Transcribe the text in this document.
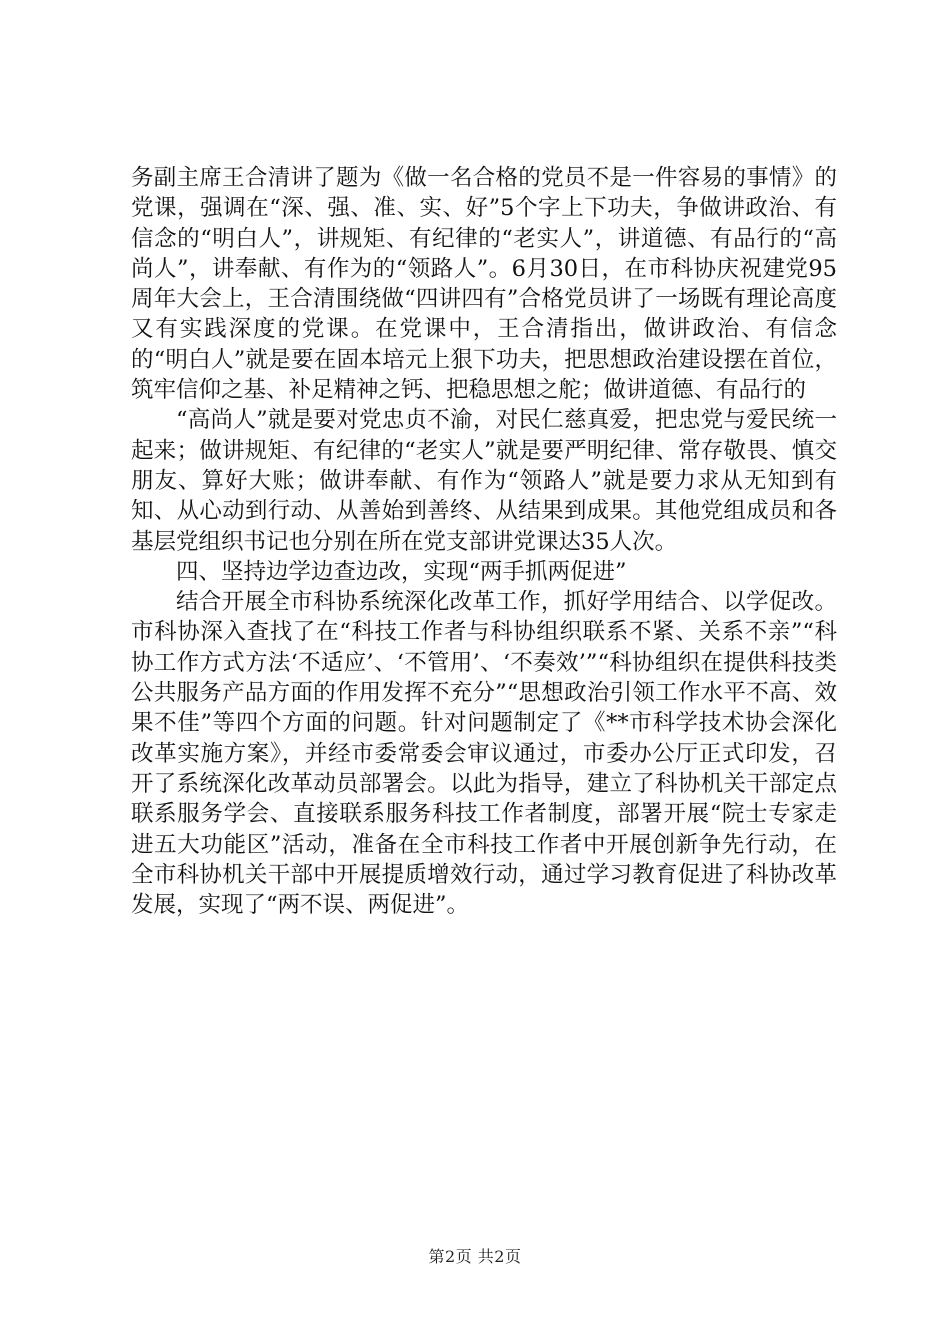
务副主席王合清讲了题为《做一名合格的党员不是一件容易的事情》的党课，强调在“深、强、准、实、好”5个字上下功夫，争做讲政治、有信念的“明白人”，讲规矩、有纪律的“老实人”，讲道德、有品行的“高尚人”，讲奉献、有作为的“领路人”。6月30日，在市科协庆祝建党95周年大会上，王合清围绕做“四讲四有”合格党员讲了一场既有理论高度又有实践深度的党课。在党课中，王合清指出，做讲政治、有信念的“明白人”就是要在固本培元上狠下功夫，把思想政治建设摆在首位，筑牢信仰之基、补足精神之钙、把稳思想之舵；做讲道德、有品行的

“高尚人”就是要对党忠贞不渝，对民仁慈真爱，把忠党与爱民统一起来；做讲规矩、有纪律的“老实人”就是要严明纪律、常存敬畏、慎交朋友、算好大账；做讲奉献、有作为“领路人”就是要力求从无知到有知、从心动到行动、从善始到善终、从结果到成果。其他党组成员和各基层党组织书记也分别在所在党支部讲党课达35人次。

四、坚持边学边查边改，实现“两手抓两促进”

结合开展全市科协系统深化改革工作，抓好学用结合、以学促改。市科协深入查找了在“科技工作者与科协组织联系不紧、关系不亲”“科协工作方式方法‘不适应’、‘不管用’、‘不奏效’”“科协组织在提供科技类公共服务产品方面的作用发挥不充分”“思想政治引领工作水平不高、效果不佳”等四个方面的问题。针对问题制定了《**市科学技术协会深化改革实施方案》，并经市委常委会审议通过，市委办公厅正式印发，召开了系统深化改革动员部署会。以此为指导，建立了科协机关干部定点联系服务学会、直接联系服务科技工作者制度，部署开展“院士专家走进五大功能区”活动，准备在全市科技工作者中开展创新争先行动，在全市科协机关干部中开展提质增效行动，通过学习教育促进了科协改革发展，实现了“两不误、两促进”。

第2页 共2页
